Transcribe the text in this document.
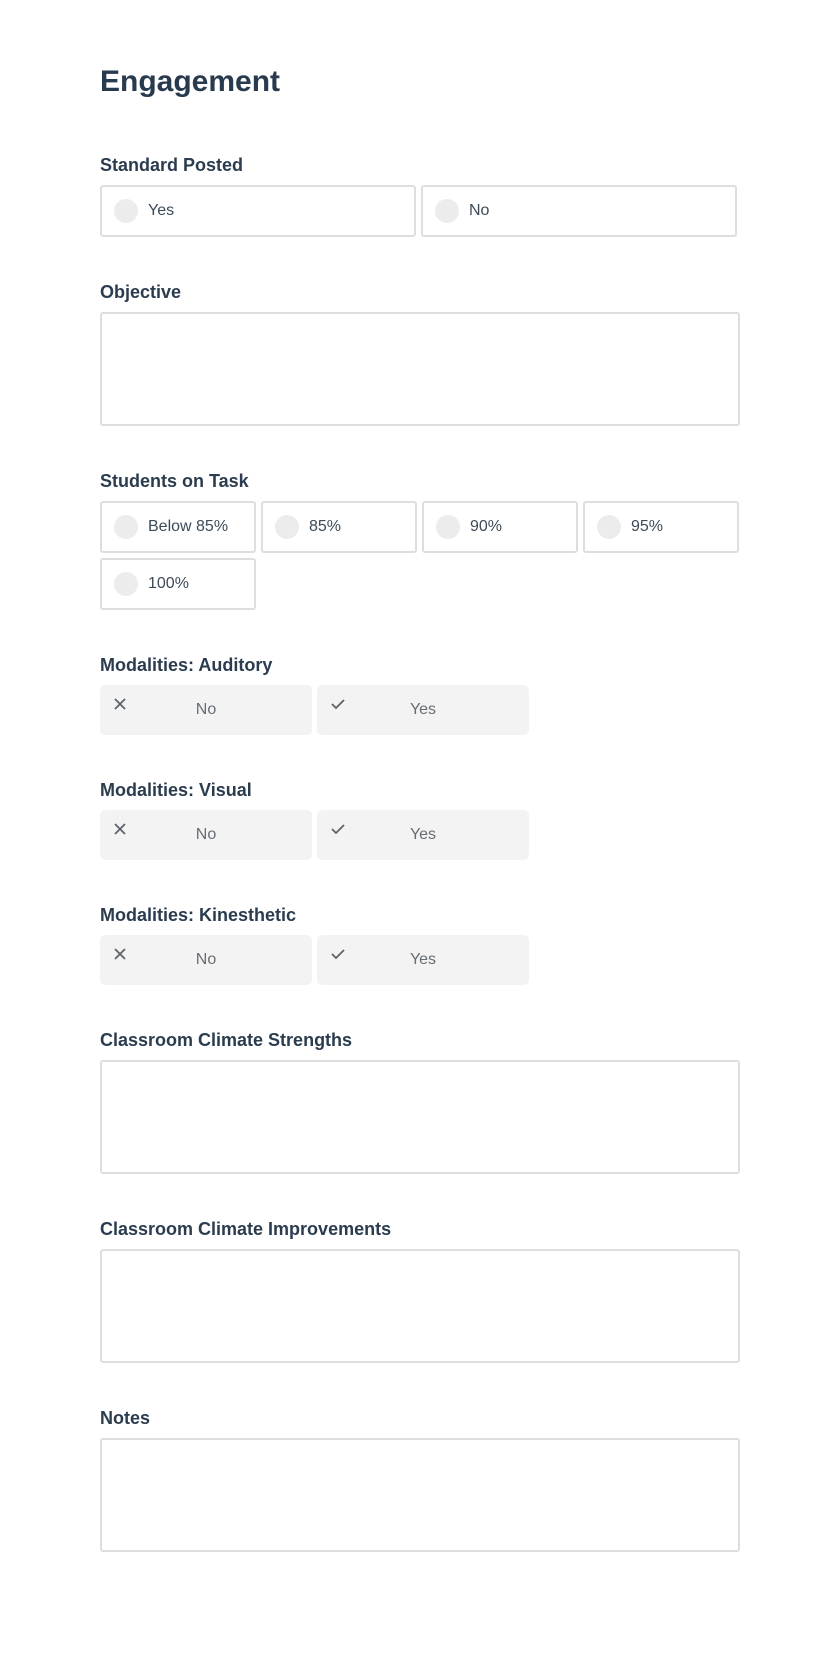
Engagement
Standard Posted
Yes	No
Objective
Students on Task
Below 85%	85%	90%	95%
100%
Modalities: Auditory
No	Yes
Modalities: Visual
No	Yes
Modalities: Kinesthetic
No	Yes
Classroom Climate Strengths
Classroom Climate Improvements
Notes
